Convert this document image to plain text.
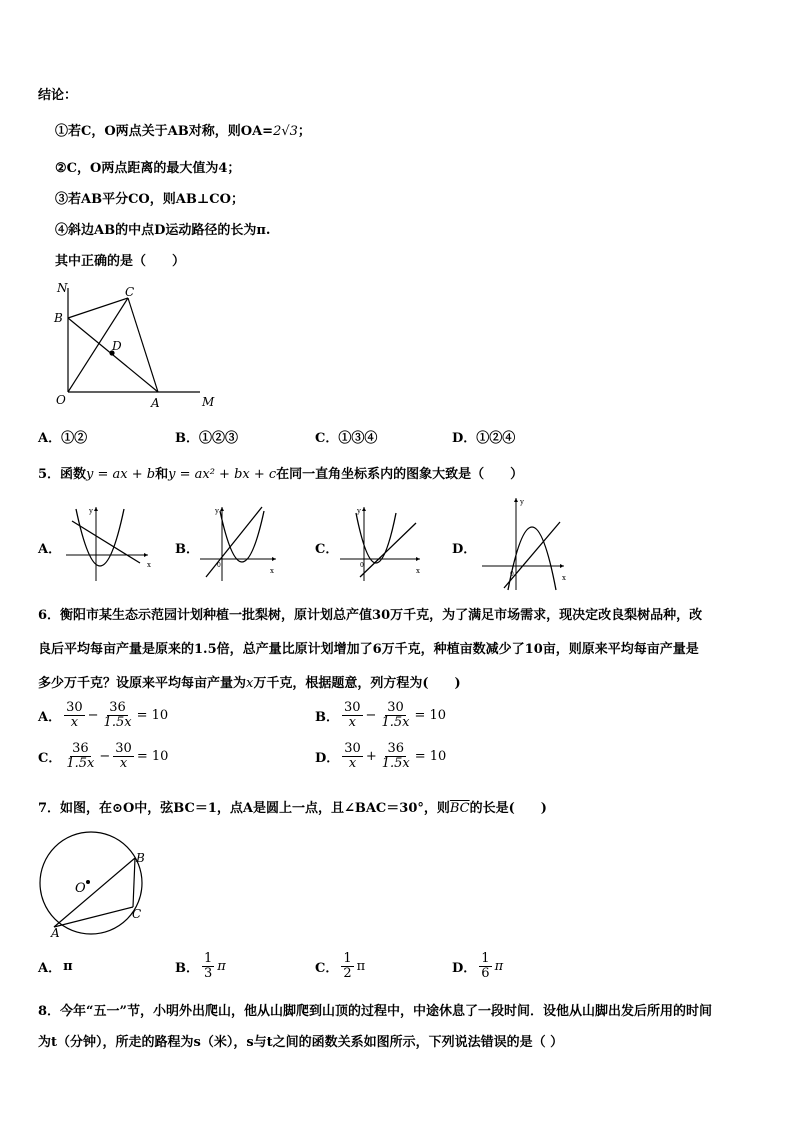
结论：
①若C，O两点关于AB对称，则OA=2√3；
②C，O两点距离的最大值为4；
③若AB平分CO，则AB⊥CO；
④斜边AB的中点D运动路径的长为π.
其中正确的是（　　）
N
B
C
D
O	A	M
A．①②	B．①②③	C．①③④	D．①②④
5．函数y = ax + b和y = ax² + bx + c在同一直角坐标系内的图象大致是（　　）
A．	B．	C．	D．
x
y
0
x
y
0
x
y
0	x
y
6．衡阳市某生态示范园计划种植一批梨树，原计划总产值30万千克，为了满足市场需求，现决定改良梨树品种，改
良后平均每亩产量是原来的1.5倍，总产量比原计划增加了6万千克，种植亩数减少了10亩，则原来平均每亩产量是
多少万千克？设原来平均每亩产量为x万千克，根据题意，列方程为(　　)
A． $\frac{30}{x} - \frac{36}{1.5x} = 10$	B． $\frac{30}{x} - \frac{30}{1.5x} = 10$
C． $\frac{36}{1.5x} - \frac{30}{x} = 10$	D． $\frac{30}{x} + \frac{36}{1.5x} = 10$
7．如图，在⊙O中，弦BC＝1，点A是圆上一点，且∠BAC＝30°，则$\overline{BC}$的长是(　　)
O
B
C
A
A． π	B． $\frac{1}{3}$ π	C． $\frac{1}{2}$ π	D． $\frac{1}{6}$ π
8．今年“五一”节，小明外出爬山，他从山脚爬到山顶的过程中，中途休息了一段时间．设他从山脚出发后所用的时间
为t（分钟），所走的路程为s（米），s与t之间的函数关系如图所示，下列说法错误的是（ ）
